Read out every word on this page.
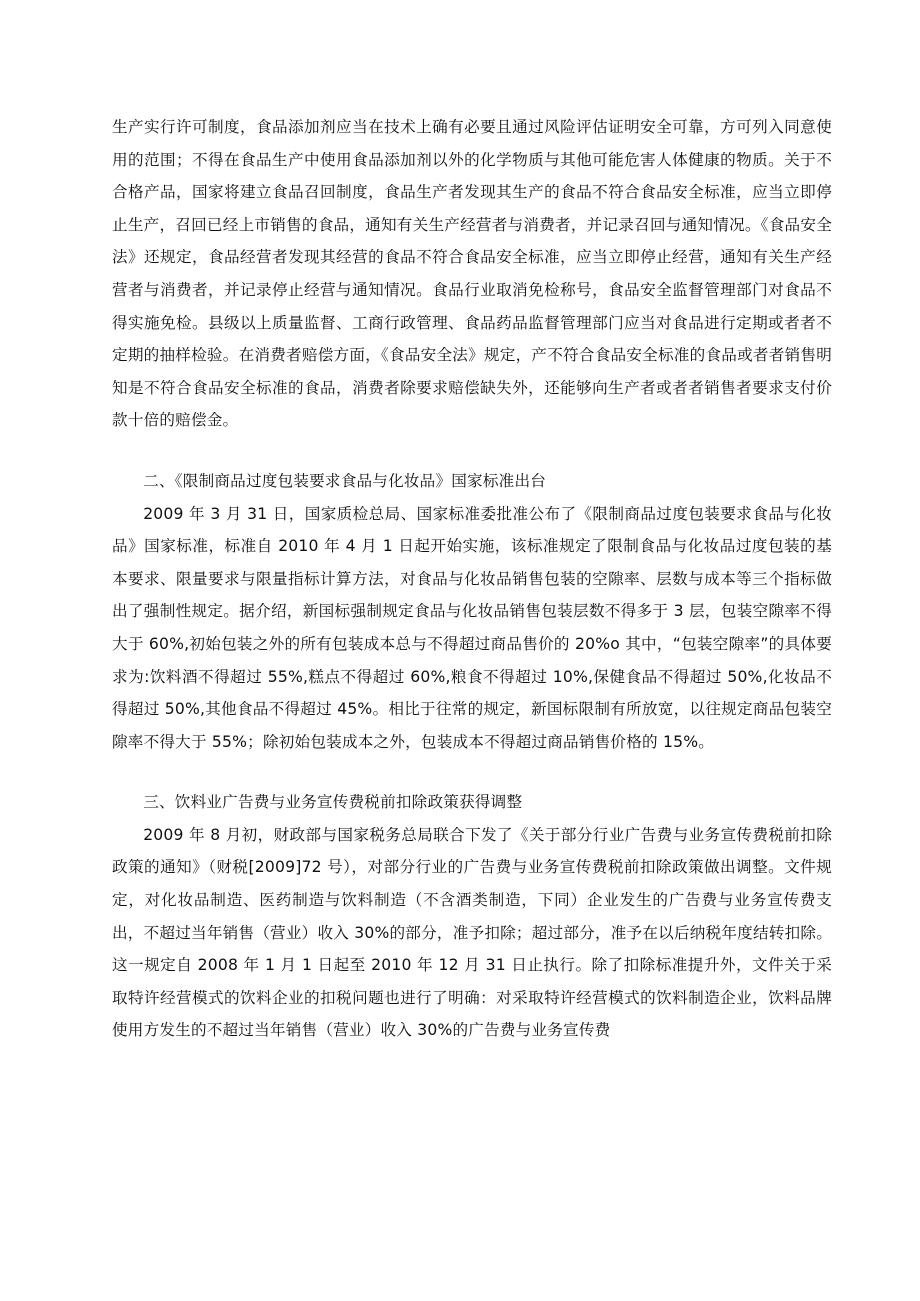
生产实行许可制度，食品添加剂应当在技术上确有必要且通过风险评估证明安全可靠，方可列入同意使用的范围；不得在食品生产中使用食品添加剂以外的化学物质与其他可能危害人体健康的物质。关于不合格产品，国家将建立食品召回制度，食品生产者发现其生产的食品不符合食品安全标准，应当立即停止生产，召回已经上市销售的食品，通知有关生产经营者与消费者，并记录召回与通知情况。《食品安全法》还规定，食品经营者发现其经营的食品不符合食品安全标准，应当立即停止经营，通知有关生产经营者与消费者，并记录停止经营与通知情况。食品行业取消免检称号，食品安全监督管理部门对食品不得实施免检。县级以上质量监督、工商行政管理、食品药品监督管理部门应当对食品进行定期或者者不定期的抽样检验。在消费者赔偿方面，《食品安全法》规定，产不符合食品安全标准的食品或者者销售明知是不符合食品安全标准的食品，消费者除要求赔偿缺失外，还能够向生产者或者者销售者要求支付价款十倍的赔偿金。

二、《限制商品过度包装要求食品与化妆品》国家标准出台

2009 年 3 月 31 日，国家质检总局、国家标准委批准公布了《限制商品过度包装要求食品与化妆品》国家标准，标准自 2010 年 4 月 1 日起开始实施，该标准规定了限制食品与化妆品过度包装的基本要求、限量要求与限量指标计算方法，对食品与化妆品销售包装的空隙率、层数与成本等三个指标做出了强制性规定。据介绍，新国标强制规定食品与化妆品销售包装层数不得多于 3 层，包装空隙率不得大于 60%,初始包装之外的所有包装成本总与不得超过商品售价的 20%o 其中，“包装空隙率”的具体要求为:饮料酒不得超过 55%,糕点不得超过 60%,粮食不得超过 10%,保健食品不得超过 50%,化妆品不得超过 50%,其他食品不得超过 45%。相比于往常的规定，新国标限制有所放宽，以往规定商品包装空隙率不得大于 55%；除初始包装成本之外，包装成本不得超过商品销售价格的 15%。

三、饮料业广告费与业务宣传费税前扣除政策获得调整

2009 年 8 月初，财政部与国家税务总局联合下发了《关于部分行业广告费与业务宣传费税前扣除政策的通知》（财税[2009]72 号），对部分行业的广告费与业务宣传费税前扣除政策做出调整。文件规定，对化妆品制造、医药制造与饮料制造（不含酒类制造，下同）企业发生的广告费与业务宣传费支出，不超过当年销售（营业）收入 30%的部分，准予扣除；超过部分，准予在以后纳税年度结转扣除。这一规定自 2008 年 1 月 1 日起至 2010 年 12 月 31 日止执行。除了扣除标准提升外，文件关于采取特许经营模式的饮料企业的扣税问题也进行了明确：对采取特许经营模式的饮料制造企业，饮料品牌使用方发生的不超过当年销售（营业）收入 30%的广告费与业务宣传费
